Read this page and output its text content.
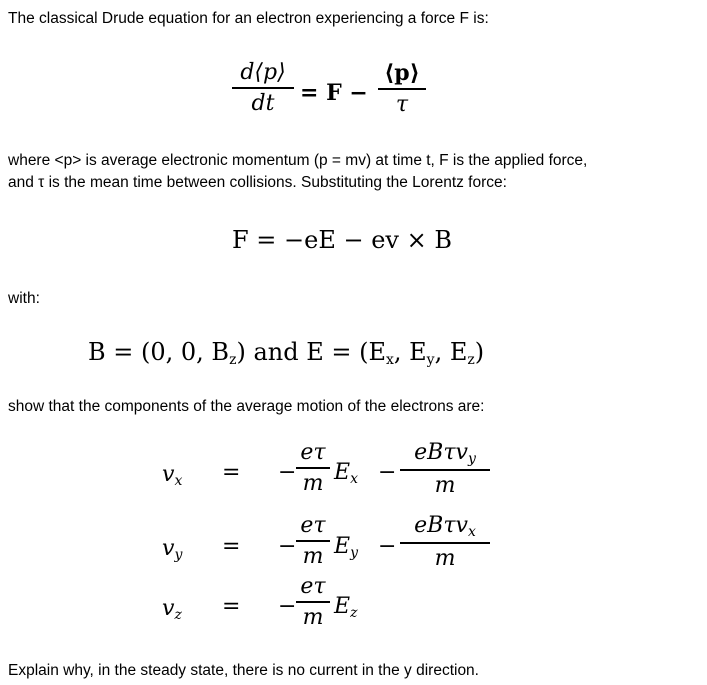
The classical Drude equation for an electron experiencing a force F is:
d⟨p⟩
dt = F −
⟨p⟩
τ
where <p> is average electronic momentum (p = mv) at time t, F is the applied force,
and τ is the mean time between collisions. Substituting the Lorentz force:
F = −eE − ev × B
with:
B = (0, 0, $B_z$) and $E = (E_x$, $E_y$, $E_z$)
show that the components of the average motion of the electrons are:
$v_x$ = −
eτ
m $E_x$ −
eBτv$_y$
m
$v_y$ = −
eτ
m $E_y$ −
eBτv$_x$
m
$v_z$ = −
eτ
m $E_z$
Explain why, in the steady state, there is no current in the y direction.
